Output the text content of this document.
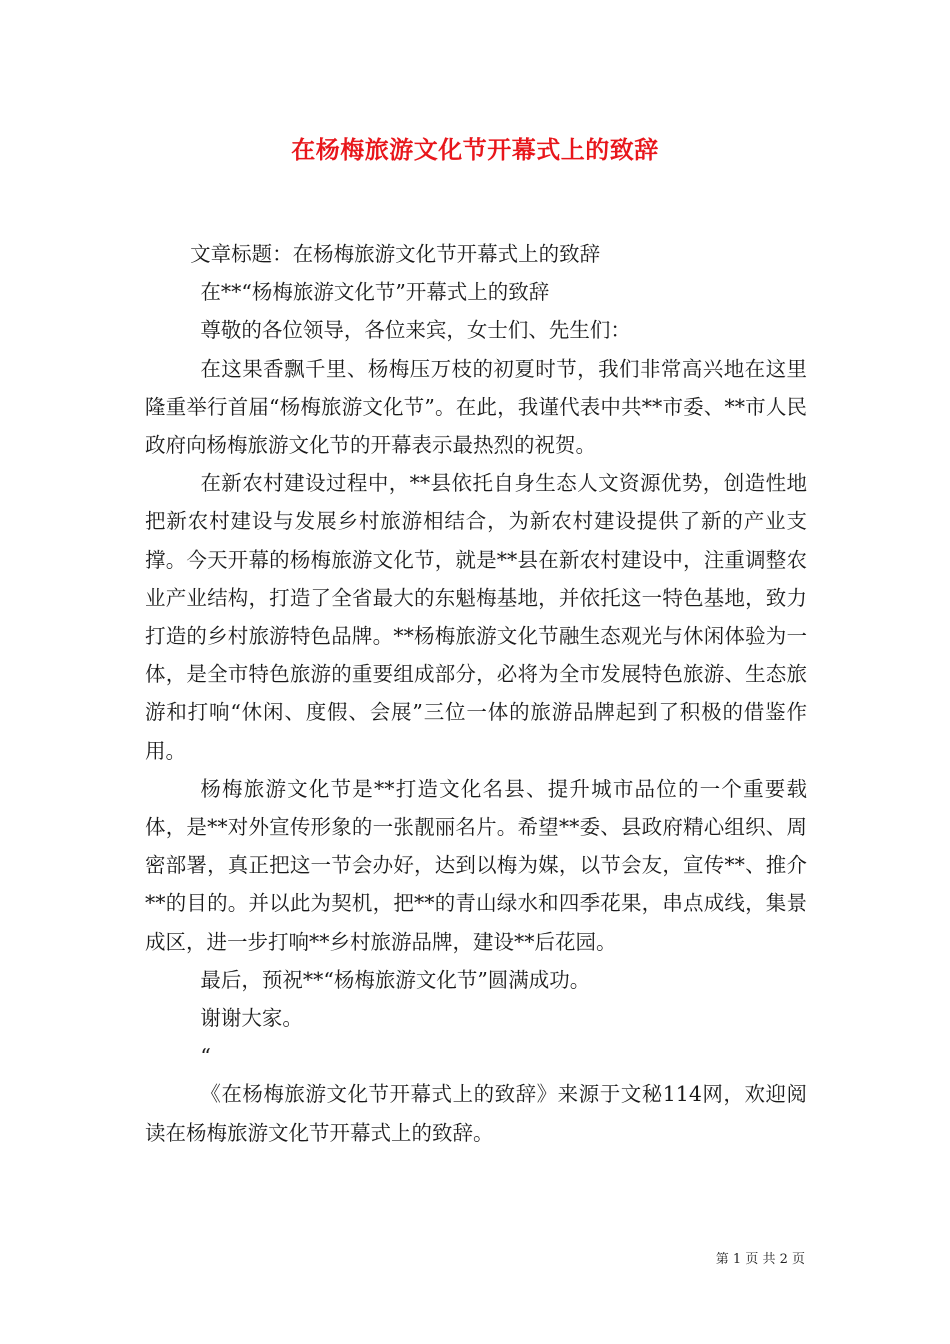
在杨梅旅游文化节开幕式上的致辞

文章标题：在杨梅旅游文化节开幕式上的致辞

在**“杨梅旅游文化节”开幕式上的致辞

尊敬的各位领导，各位来宾，女士们、先生们：

在这果香飘千里、杨梅压万枝的初夏时节，我们非常高兴地在这里隆重举行首届“杨梅旅游文化节”。在此，我谨代表中共**市委、**市人民政府向杨梅旅游文化节的开幕表示最热烈的祝贺。

在新农村建设过程中，**县依托自身生态人文资源优势，创造性地把新农村建设与发展乡村旅游相结合，为新农村建设提供了新的产业支撑。今天开幕的杨梅旅游文化节，就是**县在新农村建设中，注重调整农业产业结构，打造了全省最大的东魁梅基地，并依托这一特色基地，致力打造的乡村旅游特色品牌。**杨梅旅游文化节融生态观光与休闲体验为一体，是全市特色旅游的重要组成部分，必将为全市发展特色旅游、生态旅游和打响“休闲、度假、会展”三位一体的旅游品牌起到了积极的借鉴作用。

杨梅旅游文化节是**打造文化名县、提升城市品位的一个重要载体，是**对外宣传形象的一张靓丽名片。希望**委、县政府精心组织、周密部署，真正把这一节会办好，达到以梅为媒，以节会友，宣传**、推介**的目的。并以此为契机，把**的青山绿水和四季花果，串点成线，集景成区，进一步打响**乡村旅游品牌，建设**后花园。

最后，预祝**“杨梅旅游文化节”圆满成功。

谢谢大家。

“

《在杨梅旅游文化节开幕式上的致辞》来源于文秘114网，欢迎阅读在杨梅旅游文化节开幕式上的致辞。

第 1 页 共 2 页
